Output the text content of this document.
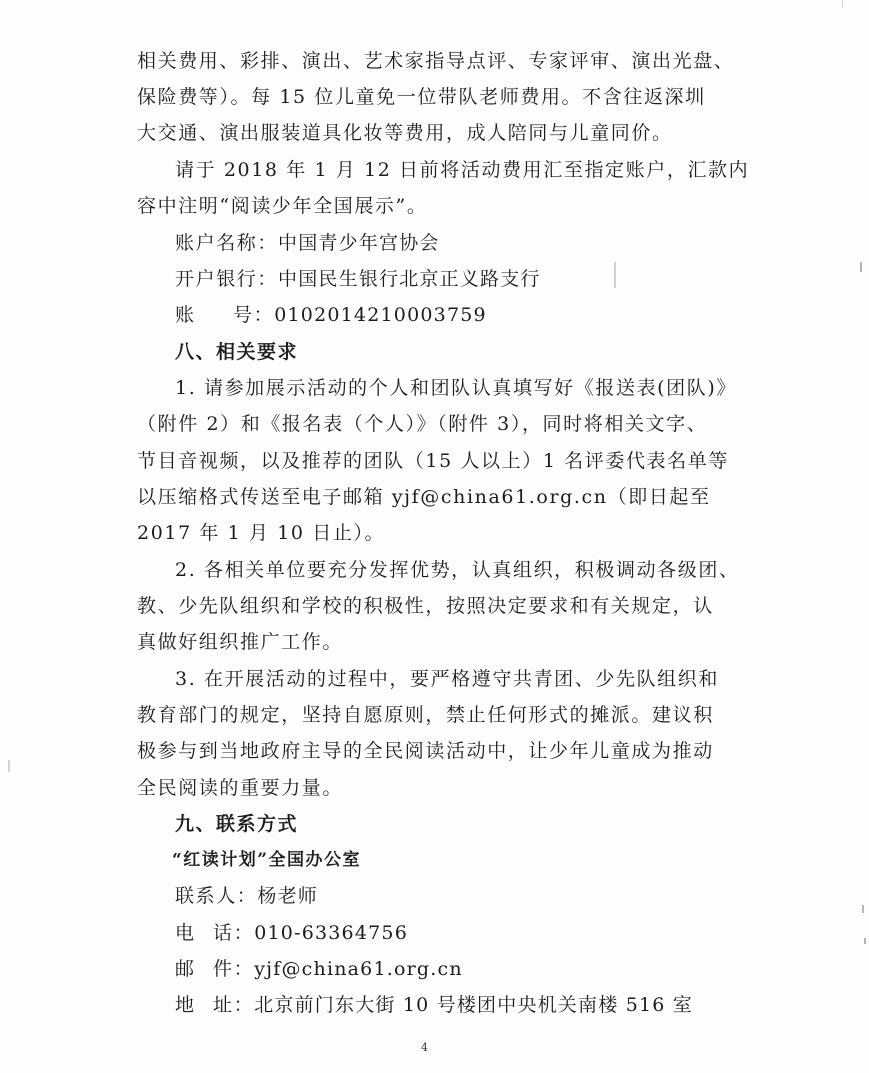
相关费用、彩排、演出、艺术家指导点评、专家评审、演出光盘、
保险费等）。每 15 位儿童免一位带队老师费用。不含往返深圳
大交通、演出服装道具化妆等费用，成人陪同与儿童同价。
请于 2018 年 1 月 12 日前将活动费用汇至指定账户，汇款内
容中注明“阅读少年全国展示”。
账户名称：中国青少年宫协会
开户银行：中国民生银行北京正义路支行
账 号：0102014210003759
八、相关要求
1. 请参加展示活动的个人和团队认真填写好《报送表(团队)》
（附件 2）和《报名表（个人）》（附件 3），同时将相关文字、
节目音视频，以及推荐的团队（15 人以上）1 名评委代表名单等
以压缩格式传送至电子邮箱 yjf@china61.org.cn（即日起至
2017 年 1 月 10 日止）。
2. 各相关单位要充分发挥优势，认真组织，积极调动各级团、
教、少先队组织和学校的积极性，按照决定要求和有关规定，认
真做好组织推广工作。
3. 在开展活动的过程中，要严格遵守共青团、少先队组织和
教育部门的规定，坚持自愿原则，禁止任何形式的摊派。建议积
极参与到当地政府主导的全民阅读活动中，让少年儿童成为推动
全民阅读的重要力量。
九、联系方式
“红读计划”全国办公室
联系人：杨老师
电 话：010-63364756
邮 件：yjf@china61.org.cn
地 址：北京前门东大街 10 号楼团中央机关南楼 516 室
4
